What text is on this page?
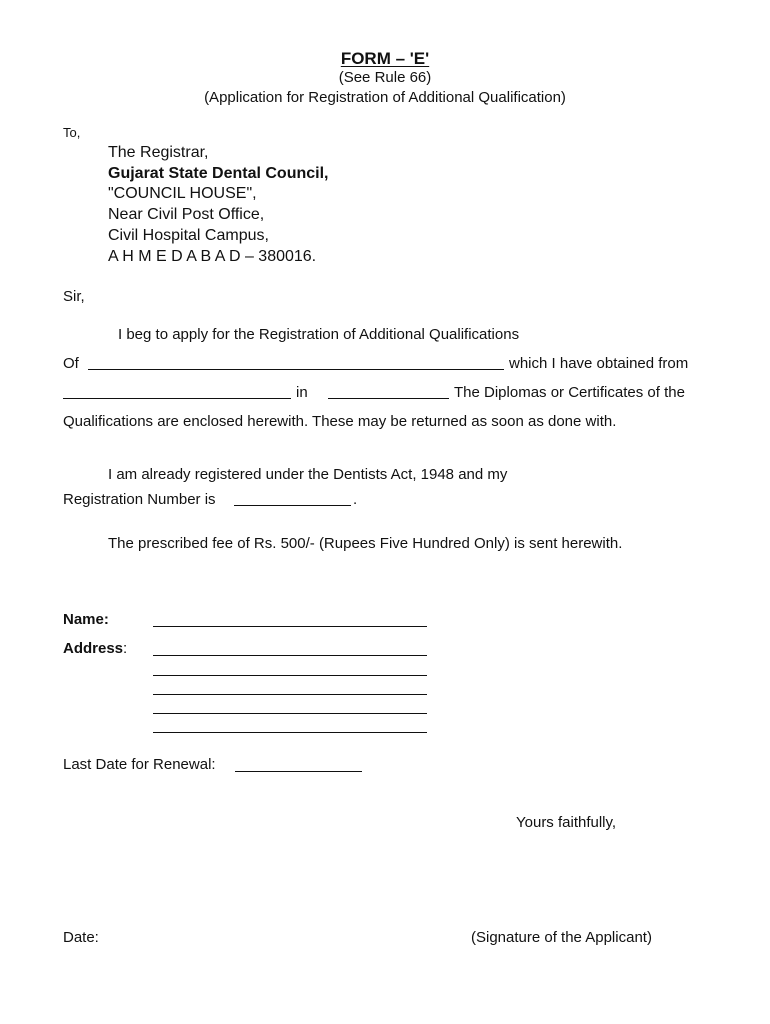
FORM – 'E'
(See Rule 66)
(Application for Registration of Additional Qualification)
To,
The Registrar,
Gujarat State Dental Council,
"COUNCIL HOUSE",
Near Civil Post Office,
Civil Hospital Campus,
A H M E D A B A D – 380016.
Sir,
I beg to apply for the Registration of Additional Qualifications
Of	which I have obtained from
in	The Diplomas or Certificates of the
Qualifications are enclosed herewith. These may be returned as soon as done with.
I am already registered under the Dentists Act, 1948 and my
Registration Number is	.
The prescribed fee of Rs. 500/- (Rupees Five Hundred Only) is sent herewith.
Name:
Address:
Last Date for Renewal:
Yours faithfully,
Date:	(Signature of the Applicant)
